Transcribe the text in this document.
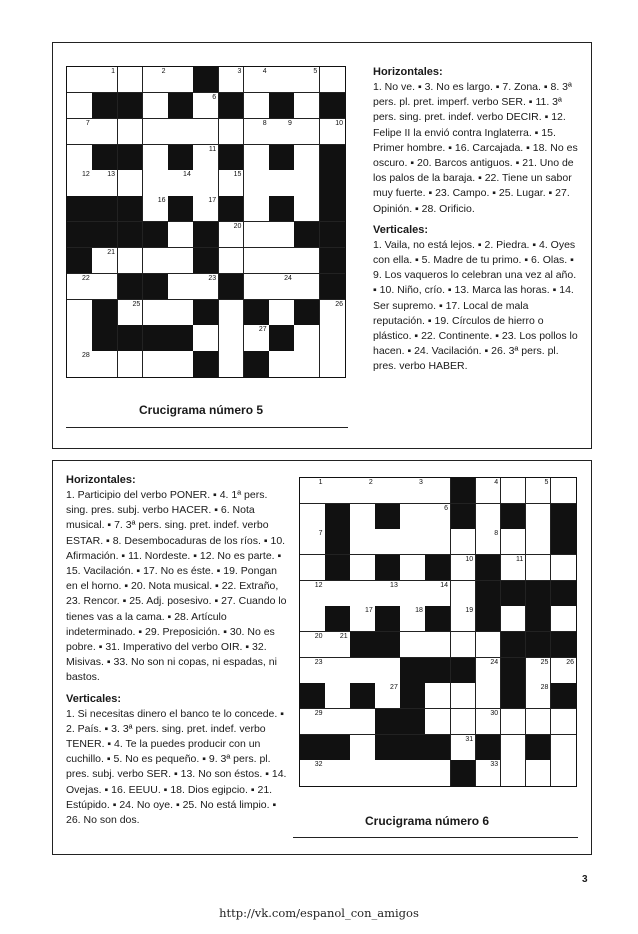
1	2	3	4	5
6
7	8	9	10
11
12 13	14	15
16	17
20
21
22	23	24
25	26
27
28
Horizontales:

1. No ve. ▪ 3. No es largo. ▪ 7. Zona. ▪ 8. 3ª pers. pl. pret. imperf. verbo SER. ▪ 11. 3ª pers. sing. pret. indef. verbo DECIR. ▪ 12. Felipe II la envió contra Inglaterra. ▪ 15. Primer hombre. ▪ 16. Carcajada. ▪ 18. No es oscuro. ▪ 20. Barcos antiguos. ▪ 21. Uno de los palos de la baraja. ▪ 22. Tiene un sabor muy fuerte. ▪ 23. Campo. ▪ 25. Lugar. ▪ 27. Opinión. ▪ 28. Orificio.

Verticales:

1. Vaila, no está lejos. ▪ 2. Piedra. ▪ 4. Oyes con ella. ▪ 5. Madre de tu primo. ▪ 6. Olas. ▪ 9. Los vaqueros lo celebran una vez al año. ▪ 10. Niño, crío. ▪ 13. Marca las horas. ▪ 14. Ser supremo. ▪ 17. Local de mala reputación. ▪ 19. Círculos de hierro o plástico. ▪ 22. Continente. ▪ 23. Los pollos lo hacen. ▪ 24. Vacilación. ▪ 26. 3ª pers. pl. pres. verbo HABER.

Crucigrama número 5
Horizontales:

1. Participio del verbo PONER. ▪ 4. 1ª pers. sing. pres. subj. verbo HACER. ▪ 6. Nota musical. ▪ 7. 3ª pers. sing. pret. indef. verbo ESTAR. ▪ 8. Desembocaduras de los ríos. ▪ 10. Afirmación. ▪ 11. Nordeste. ▪ 12. No es parte. ▪ 15. Vacilación. ▪ 17. No es éste. ▪ 19. Pongan en el horno. ▪ 20. Nota musical. ▪ 22. Extraño, 23. Rencor. ▪ 25. Adj. posesivo. ▪ 27. Cuando lo tienes vas a la cama. ▪ 28. Artículo indeterminado. ▪ 29. Preposición. ▪ 30. No es pobre. ▪ 31. Imperativo del verbo OIR. ▪ 32. Misivas. ▪ 33. No son ni copas, ni espadas, ni bastos.

Verticales:

1. Si necesitas dinero el banco te lo concede. ▪ 2. País. ▪ 3. 3ª pers. sing. pret. indef. verbo TENER. ▪ 4. Te la puedes producir con un cuchillo. ▪ 5. No es pequeño. ▪ 9. 3ª pers. pl. pres. subj. verbo SER. ▪ 13. No son éstos. ▪ 14. Ovejas. ▪ 16. EEUU. ▪ 18. Dios egipcio. ▪ 21. Estúpido. ▪ 24. No oye. ▪ 25. No está limpio. ▪ 26. No son dos.

1	2	3	4	5
6
7	8
10	11
12	13	14
17	18	19
20 21
23	24	25	26
27	28
29	30
31
32	33
Crucigrama número 6
3
http://vk.com/espanol_con_amigos
